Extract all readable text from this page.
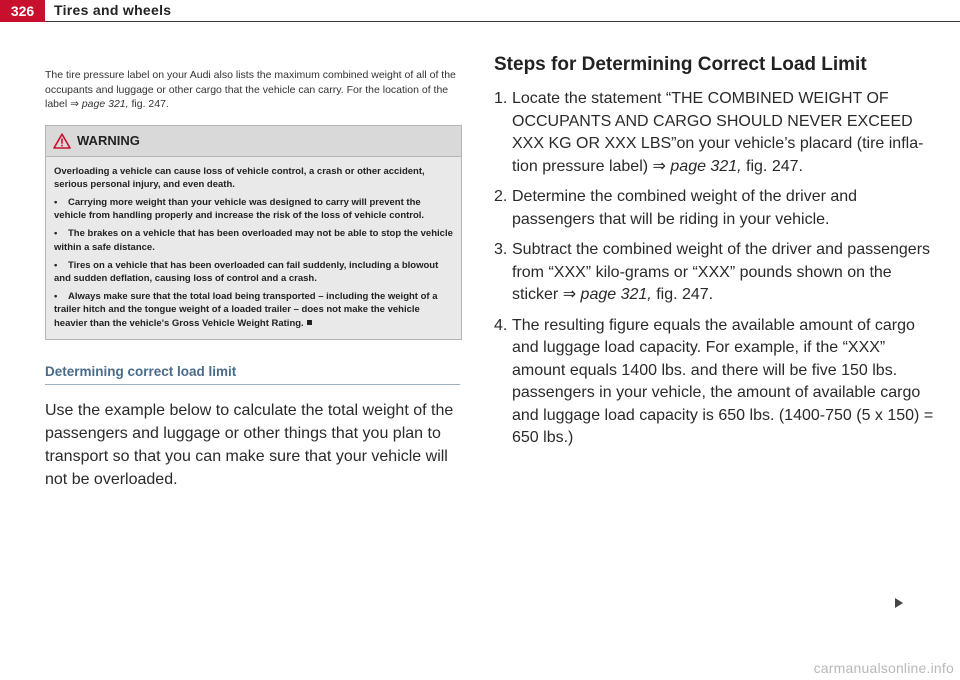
326	Tires and wheels

The tire pressure label on your Audi also lists the maximum combined weight of all of the occupants and luggage or other cargo that the vehicle can carry. For the location of the label ⇒ page 321, fig. 247.

WARNING

Overloading a vehicle can cause loss of vehicle control, a crash or other accident, serious personal injury, and even death.

• Carrying more weight than your vehicle was designed to carry will prevent the vehicle from handling properly and increase the risk of the loss of vehicle control.

• The brakes on a vehicle that has been overloaded may not be able to stop the vehicle within a safe distance.

• Tires on a vehicle that has been overloaded can fail suddenly, including a blowout and sudden deflation, causing loss of control and a crash.

• Always make sure that the total load being transported – including the weight of a trailer hitch and the tongue weight of a loaded trailer – does not make the vehicle heavier than the vehicle's Gross Vehicle Weight Rating.

Determining correct load limit

Use the example below to calculate the total weight of the passengers and luggage or other things that you plan to transport so that you can make sure that your vehicle will not be overloaded.

Steps for Determining Correct Load Limit
1. Locate the statement “THE COMBINED WEIGHT OF OCCUPANTS AND CARGO SHOULD NEVER EXCEED XXX KG OR XXX LBS”on your vehicle’s placard (tire infla-tion pressure label) ⇒ page 321, fig. 247.
2. Determine the combined weight of the driver and passengers that will be riding in your vehicle.
3. Subtract the combined weight of the driver and passengers from “XXX” kilo-grams or “XXX” pounds shown on the sticker ⇒ page 321, fig. 247.
4. The resulting figure equals the available amount of cargo and luggage load capacity. For example, if the “XXX” amount equals 1400 lbs. and there will be five 150 lbs. passengers in your vehicle, the amount of available cargo and luggage load capacity is 650 lbs. (1400-750 (5 x 150) = 650 lbs.)
carmanualsonline.info
